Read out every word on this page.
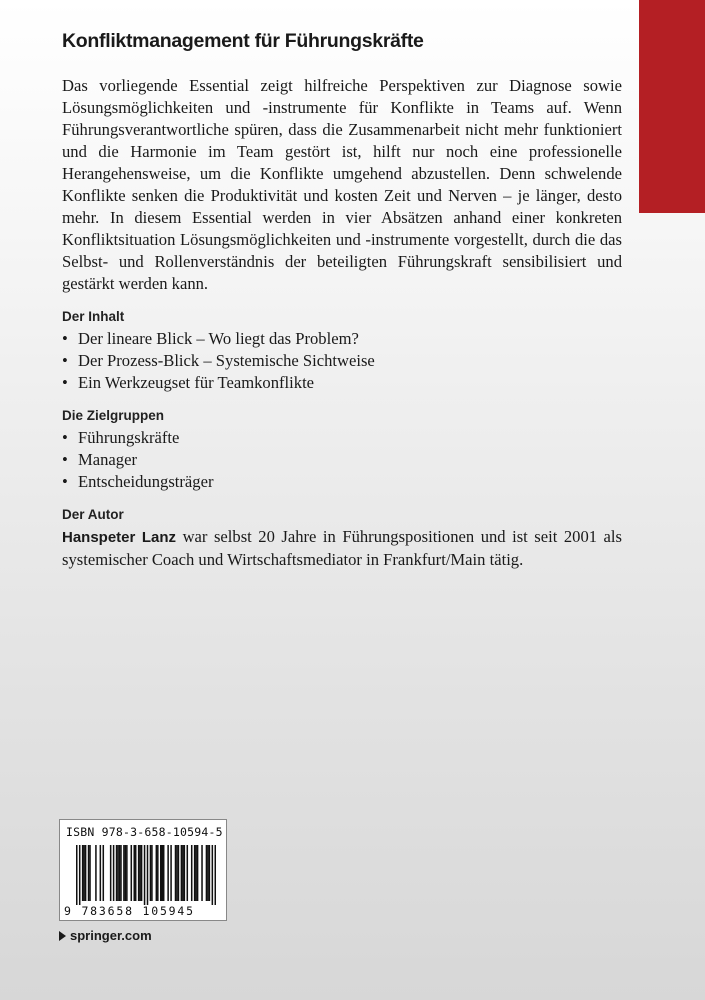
Konfliktmanagement für Führungskräfte

Das vorliegende Essential zeigt hilfreiche Perspektiven zur Diagnose sowie Lösungsmöglichkeiten und -instrumente für Konflikte in Teams auf. Wenn Führungsverantwortliche spüren, dass die Zusammenarbeit nicht mehr funktioniert und die Harmonie im Team gestört ist, hilft nur noch eine professionelle Herangehensweise, um die Konflikte umgehend abzustellen. Denn schwelende Konflikte senken die Produktivität und kosten Zeit und Nerven – je länger, desto mehr. In diesem Essential werden in vier Absätzen anhand einer konkreten Konfliktsituation Lösungsmöglichkeiten und -instrumente vorgestellt, durch die das Selbst- und Rollenverständnis der beteiligten Führungskraft sensibilisiert und gestärkt werden kann.

Der Inhalt
• Der lineare Blick – Wo liegt das Problem?
• Der Prozess-Blick – Systemische Sichtweise
• Ein Werkzeugset für Teamkonflikte
Die Zielgruppen
• Führungskräfte
• Manager
• Entscheidungsträger
Der Autor

Hanspeter Lanz war selbst 20 Jahre in Führungspositionen und ist seit 2001 als systemischer Coach und Wirtschaftsmediator in Frankfurt/Main tätig.

ISBN 978-3-658-10594-5
9 783658 105945
springer.com
